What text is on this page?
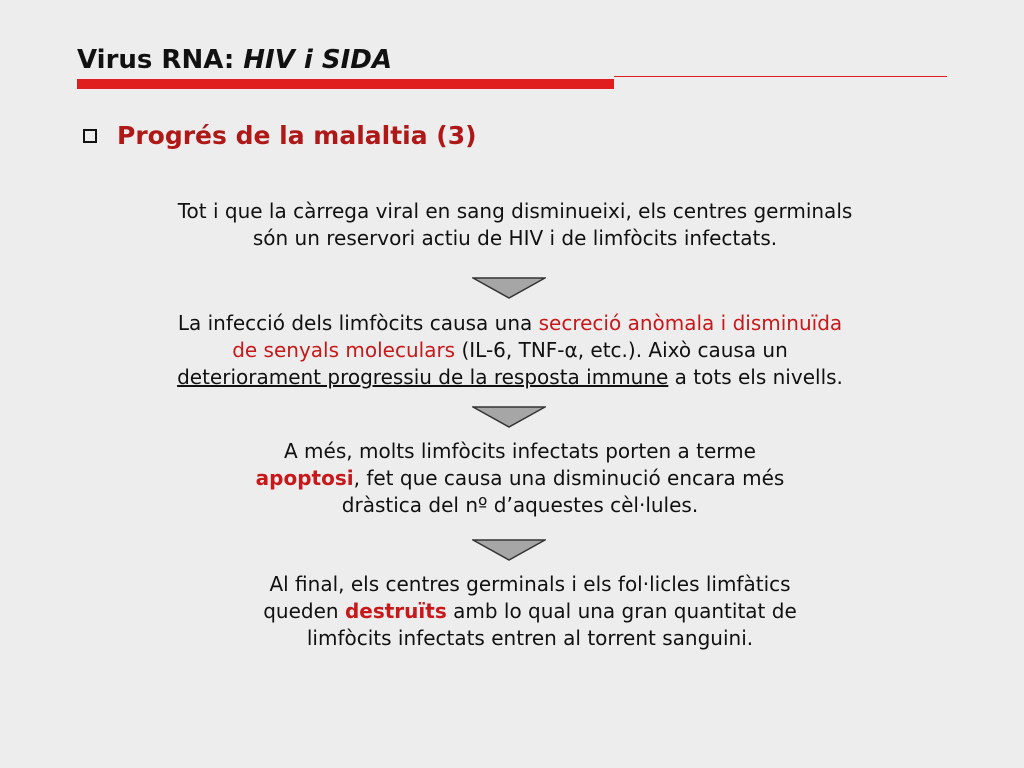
Virus RNA: HIV i SIDA
Progrés de la malaltia (3)
Tot i que la càrrega viral en sang disminueixi, els centres germinals
són un reservori actiu de HIV i de limfòcits infectats.
La infecció dels limfòcits causa una secreció anòmala i disminuïda
de senyals moleculars (IL-6, TNF-α, etc.). Això causa un
deteriorament progressiu de la resposta immune a tots els nivells.
A més, molts limfòcits infectats porten a terme
apoptosi, fet que causa una disminució encara més
dràstica del nº d’aquestes cèl·lules.
Al final, els centres germinals i els fol·licles limfàtics
queden destruïts amb lo qual una gran quantitat de
limfòcits infectats entren al torrent sanguini.
